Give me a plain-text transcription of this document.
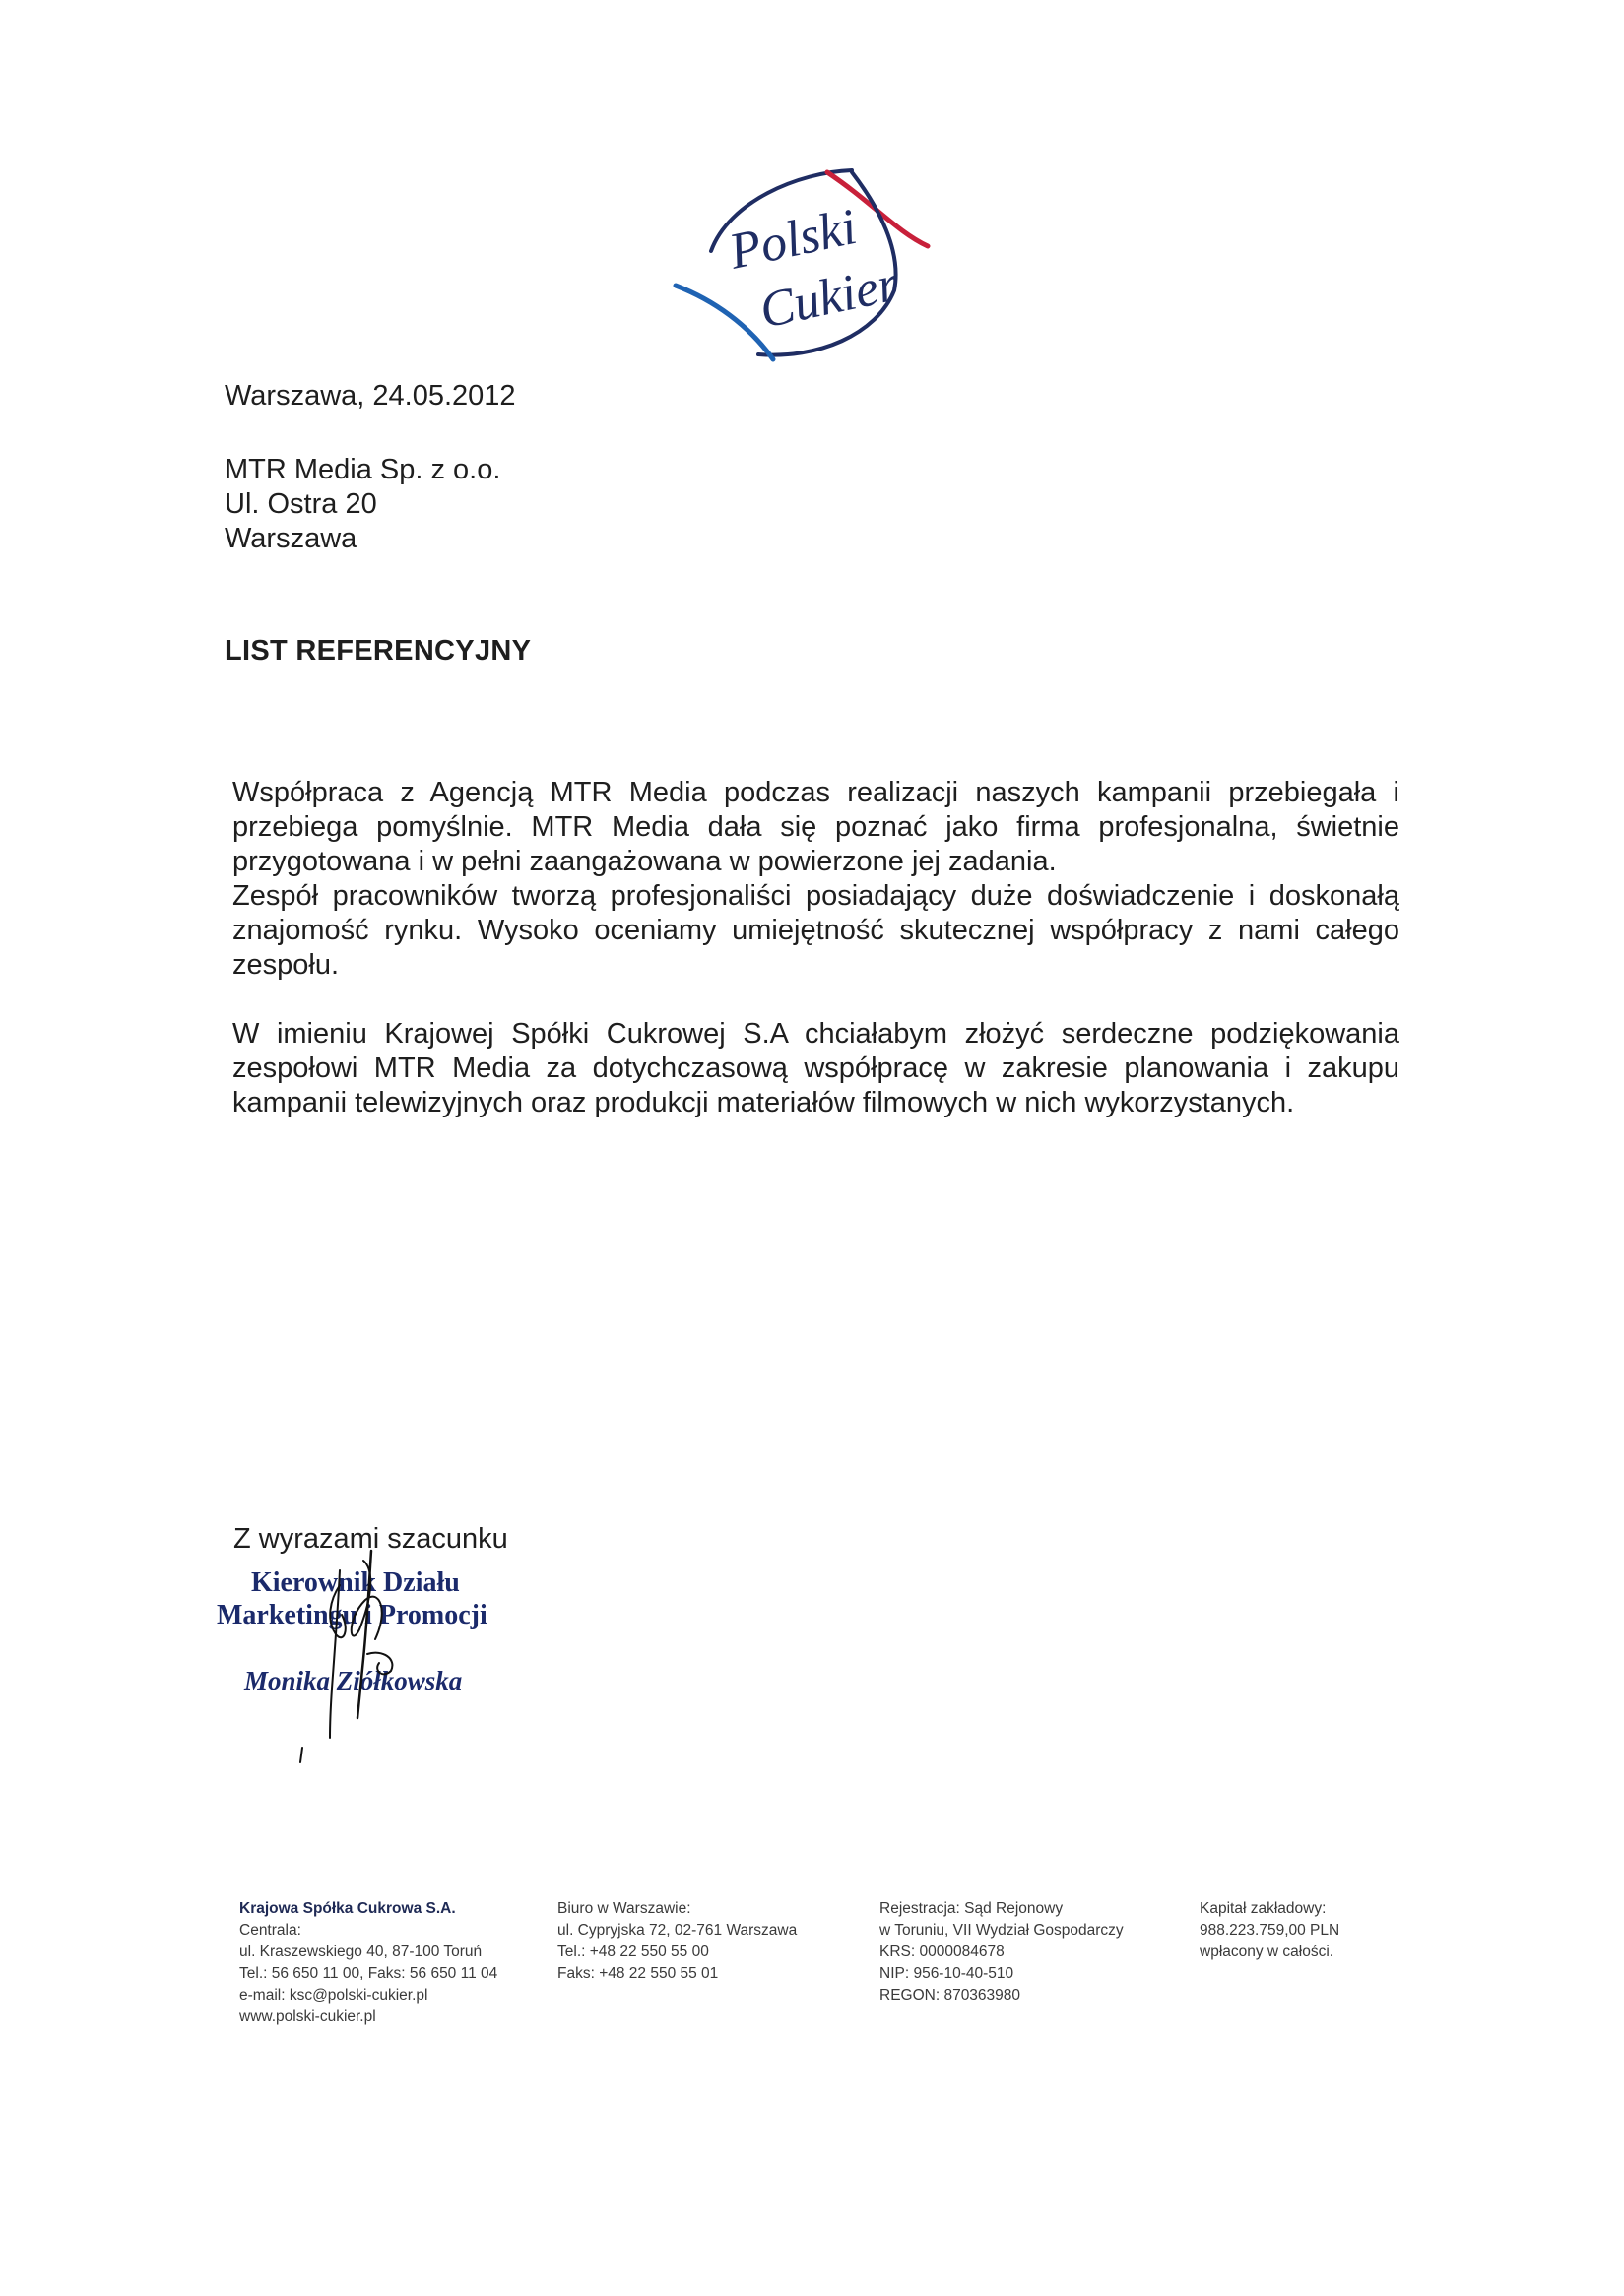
Polski
Cukier
Warszawa, 24.05.2012
MTR Media Sp. z o.o.
Ul. Ostra 20
Warszawa
LIST REFERENCYJNY

Współpraca z Agencją MTR Media podczas realizacji naszych kampanii przebiegała i przebiega pomyślnie. MTR Media dała się poznać jako firma profesjonalna, świetnie przygotowana i w pełni zaangażowana w powierzone jej zadania.

Zespół pracowników tworzą profesjonaliści posiadający duże doświadczenie i doskonałą znajomość rynku. Wysoko oceniamy umiejętność skutecznej współpracy z nami całego zespołu.

W imieniu Krajowej Spółki Cukrowej S.A chciałabym złożyć serdeczne podziękowania zespołowi MTR Media za dotychczasową współpracę w zakresie planowania i zakupu kampanii telewizyjnych oraz produkcji materiałów filmowych w nich wykorzystanych.

Z wyrazami szacunku
Kierownik Działu
Marketingu i Promocji
Monika Ziółkowska
Krajowa Spółka Cukrowa S.A.
Centrala:
ul. Kraszewskiego 40, 87-100 Toruń
Tel.: 56 650 11 00, Faks: 56 650 11 04
e-mail: ksc@polski-cukier.pl
www.polski-cukier.pl
Biuro w Warszawie:
ul. Cypryjska 72, 02-761 Warszawa
Tel.: +48 22 550 55 00
Faks: +48 22 550 55 01
Rejestracja: Sąd Rejonowy
w Toruniu, VII Wydział Gospodarczy
KRS: 0000084678
NIP: 956-10-40-510
REGON: 870363980
Kapitał zakładowy:
988.223.759,00 PLN
wpłacony w całości.
